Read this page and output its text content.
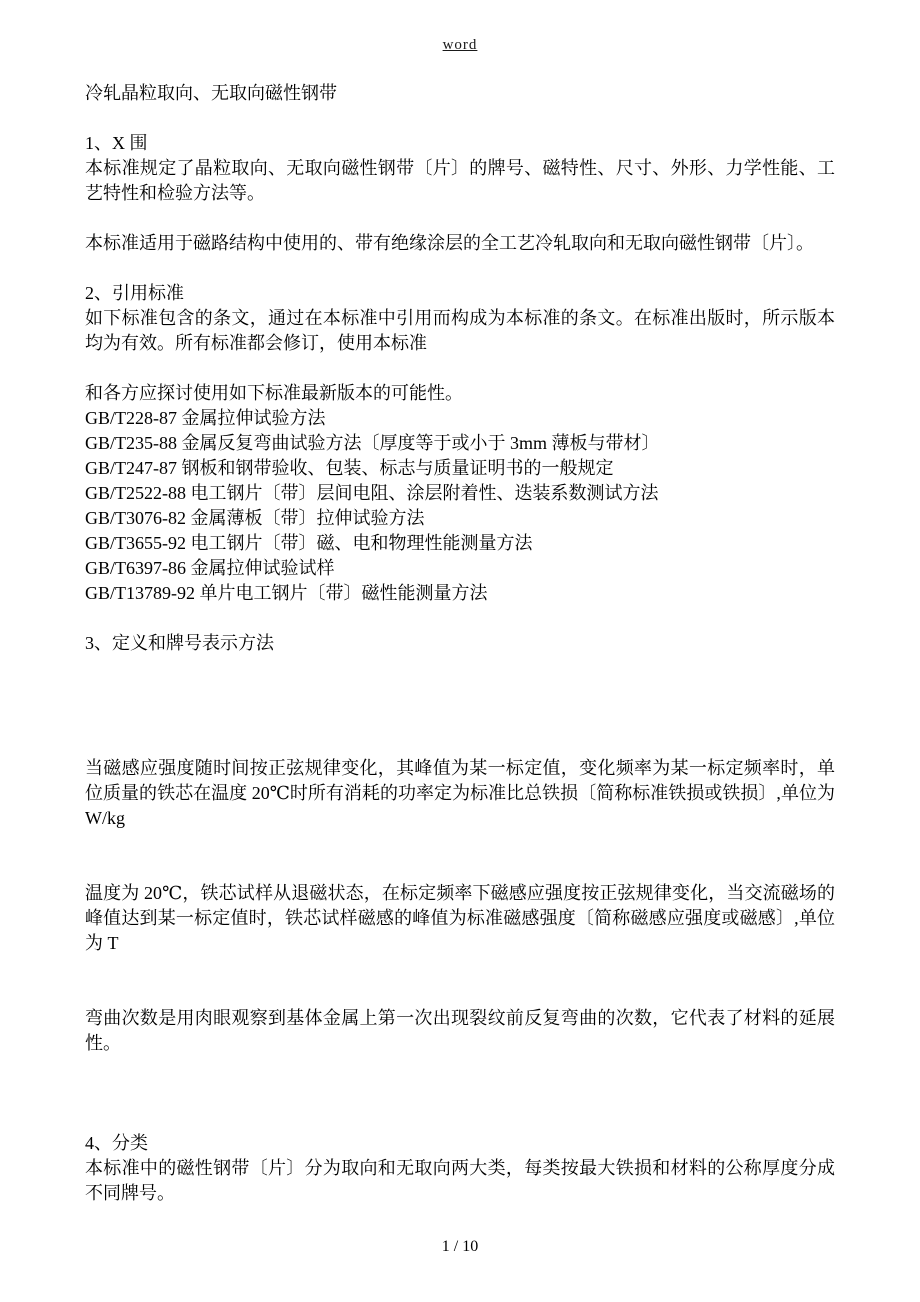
word

冷轧晶粒取向、无取向磁性钢带

1、X 围

本标准规定了晶粒取向、无取向磁性钢带〔片〕的牌号、磁特性、尺寸、外形、力学性能、工艺特性和检验方法等。

本标准适用于磁路结构中使用的、带有绝缘涂层的全工艺冷轧取向和无取向磁性钢带〔片〕。

2、引用标准

如下标准包含的条文，通过在本标准中引用而构成为本标准的条文。在标准出版时，所示版本均为有效。所有标准都会修订，使用本标准

和各方应探讨使用如下标准最新版本的可能性。

GB/T228-87 金属拉伸试验方法

GB/T235-88 金属反复弯曲试验方法〔厚度等于或小于 3mm 薄板与带材〕

GB/T247-87 钢板和钢带验收、包装、标志与质量证明书的一般规定

GB/T2522-88 电工钢片〔带〕层间电阻、涂层附着性、迭装系数测试方法

GB/T3076-82 金属薄板〔带〕拉伸试验方法

GB/T3655-92 电工钢片〔带〕磁、电和物理性能测量方法

GB/T6397-86 金属拉伸试验试样

GB/T13789-92 单片电工钢片〔带〕磁性能测量方法

3、定义和牌号表示方法

当磁感应强度随时间按正弦规律变化，其峰值为某一标定值，变化频率为某一标定频率时，单位质量的铁芯在温度 20℃时所有消耗的功率定为标准比总铁损〔简称标准铁损或铁损〕,单位为 W/kg

温度为 20℃，铁芯试样从退磁状态，在标定频率下磁感应强度按正弦规律变化，当交流磁场的峰值达到某一标定值时，铁芯试样磁感的峰值为标准磁感强度〔简称磁感应强度或磁感〕,单位为 T

弯曲次数是用肉眼观察到基体金属上第一次出现裂纹前反复弯曲的次数，它代表了材料的延展性。

4、分类

本标准中的磁性钢带〔片〕分为取向和无取向两大类，每类按最大铁损和材料的公称厚度分成不同牌号。

1 / 10
